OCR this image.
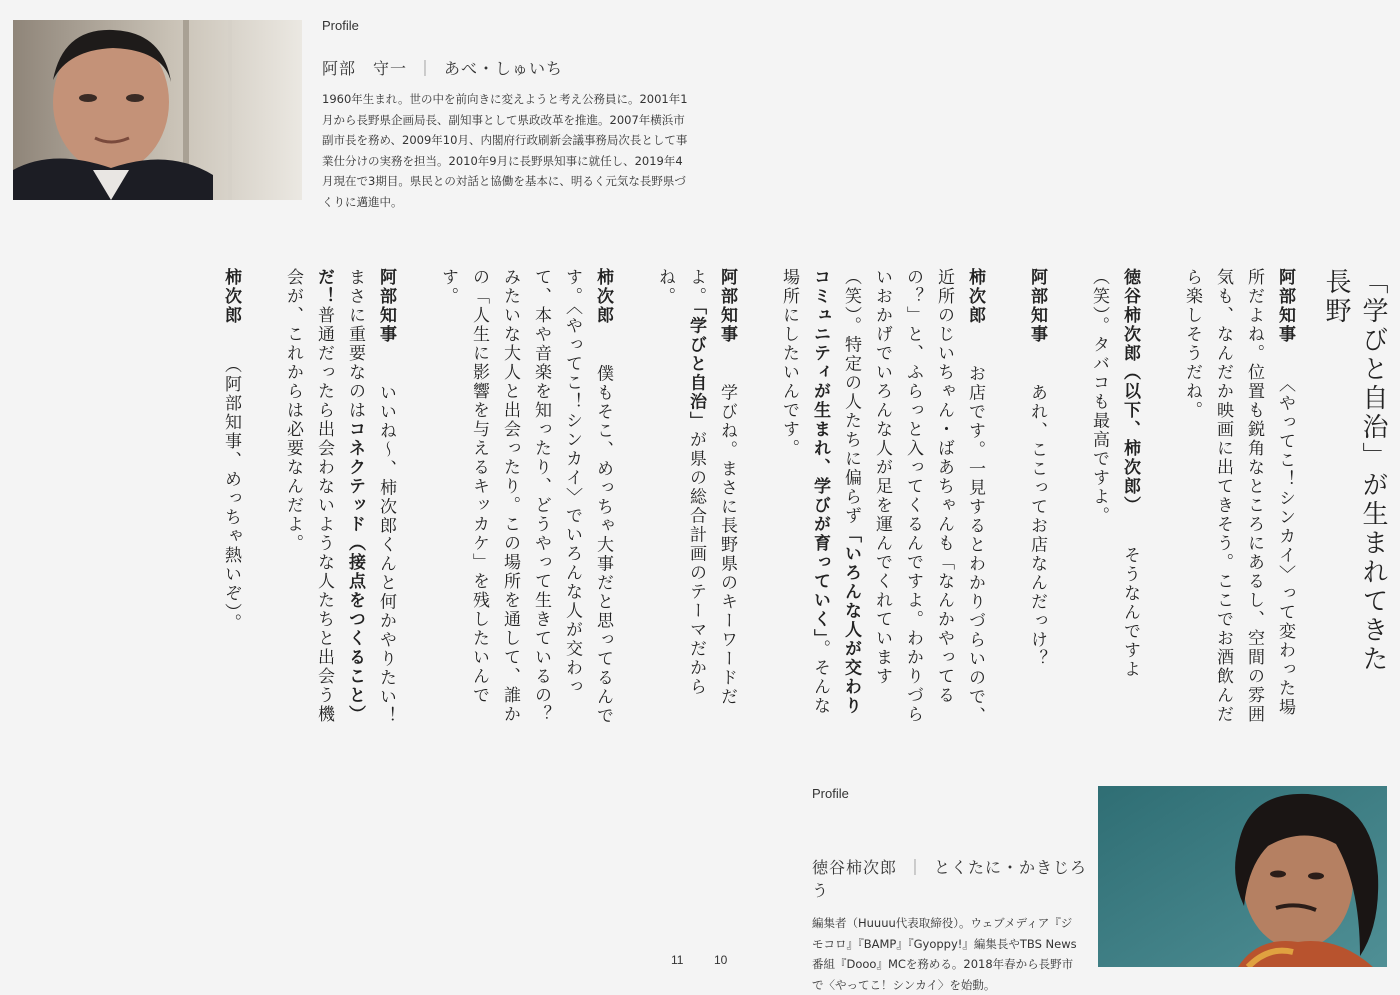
Profile
阿部　守一 ｜ あべ・しゅいち
1960年生まれ。世の中を前向きに変えようと考え公務員に。2001年1月から長野県企画局長、副知事として県政改革を推進。2007年横浜市副市長を務め、2009年10月、内閣府行政刷新会議事務局次長として事業仕分けの実務を担当。2010年9月に長野県知事に就任し、2019年4月現在で3期目。県民との対話と協働を基本に、明るく元気な長野県づくりに邁進中。
「学びと自治」が生まれてきた長野

阿部知事〈やってこ！シンカイ〉って変わった場所だよね。位置も鋭角なところにあるし、空間の雰囲気も、なんだか映画に出てきそう。ここでお酒飲んだら楽しそうだね。

徳谷柿次郎（以下、柿次郎）そうなんですよ（笑）。タバコも最高ですよ。

阿部知事あれ、ここってお店なんだっけ？

柿次郎お店です。一見するとわかりづらいので、近所のじいちゃん・ばあちゃんも「なんかやってるの？」と、ふらっと入ってくるんですよ。わかりづらいおかげでいろんな人が足を運んでくれています（笑）。特定の人たちに偏らず「いろんな人が交わりコミュニティが生まれ、学びが育っていく」。そんな場所にしたいんです。

阿部知事学びね。まさに長野県のキーワードだよ。「学びと自治」が県の総合計画のテーマだからね。

柿次郎僕もそこ、めっちゃ大事だと思ってるんです。〈やってこ！シンカイ〉でいろんな人が交わって、本や音楽を知ったり、どうやって生きているの？みたいな大人と出会ったり。この場所を通して、誰かの「人生に影響を与えるキッカケ」を残したいんです。

阿部知事いいね〜、柿次郎くんと何かやりたい！まさに重要なのはコネクテッド（接点をつくること）だ！普通だったら出会わないような人たちと出会う機会が、これからは必要なんだよ。

柿次郎（阿部知事、めっちゃ熱いぞ）。

Profile
徳谷柿次郎 ｜ とくたに・かきじろう
編集者（Huuuu代表取締役）。ウェブメディア『ジモコロ』『BAMP』『Gyoppy!』編集長やTBS News番組『Dooo』MCを務める。2018年春から長野市で〈やってこ！シンカイ〉を始動。
11	10
